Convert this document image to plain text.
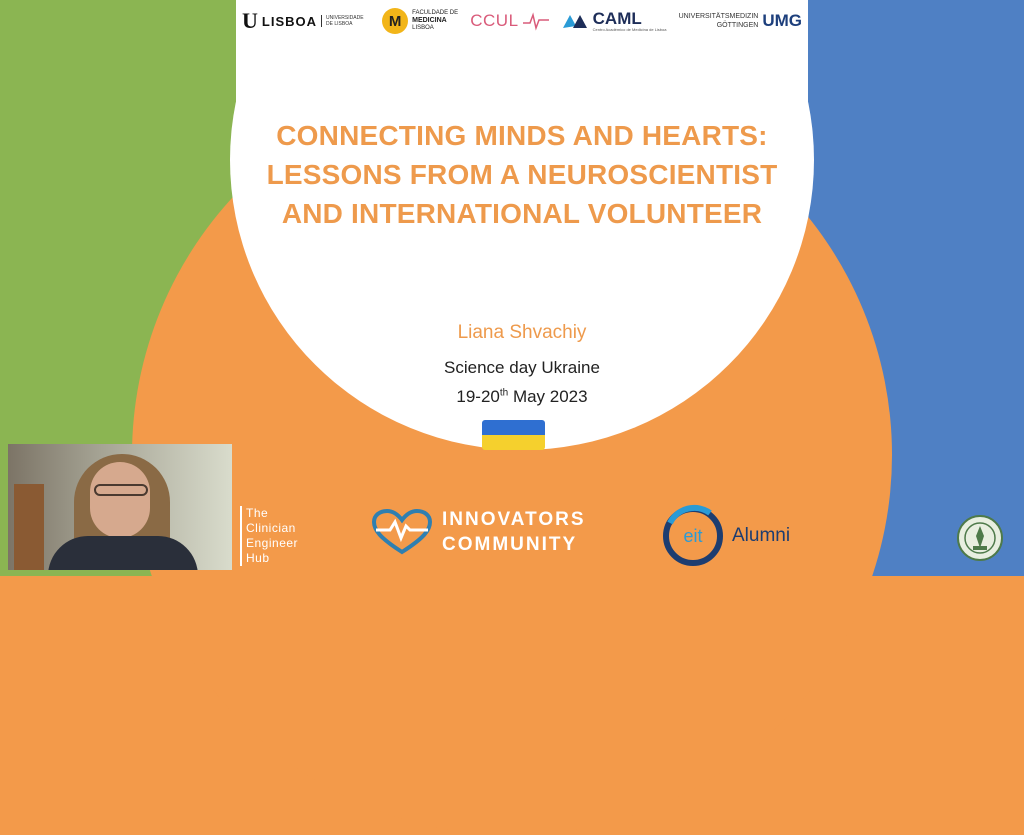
U LISBOA	UNIVERSIDADE DE LISBOA	M	FACULDADE DE
MEDICINA
LISBOA	CCUL	CAML
Centro Académico de Medicina de Lisboa
UNIVERSITÄTSMEDIZIN
GÖTTINGEN UMG
CONNECTING MINDS AND HEARTS:
LESSONS FROM A NEUROSCIENTIST
AND INTERNATIONAL VOLUNTEER
Liana Shvachiy
Science day Ukraine
19-20th May 2023
The
Clinician
Engineer
Hub
INNOVATORS
COMMUNITY	eit Alumni
